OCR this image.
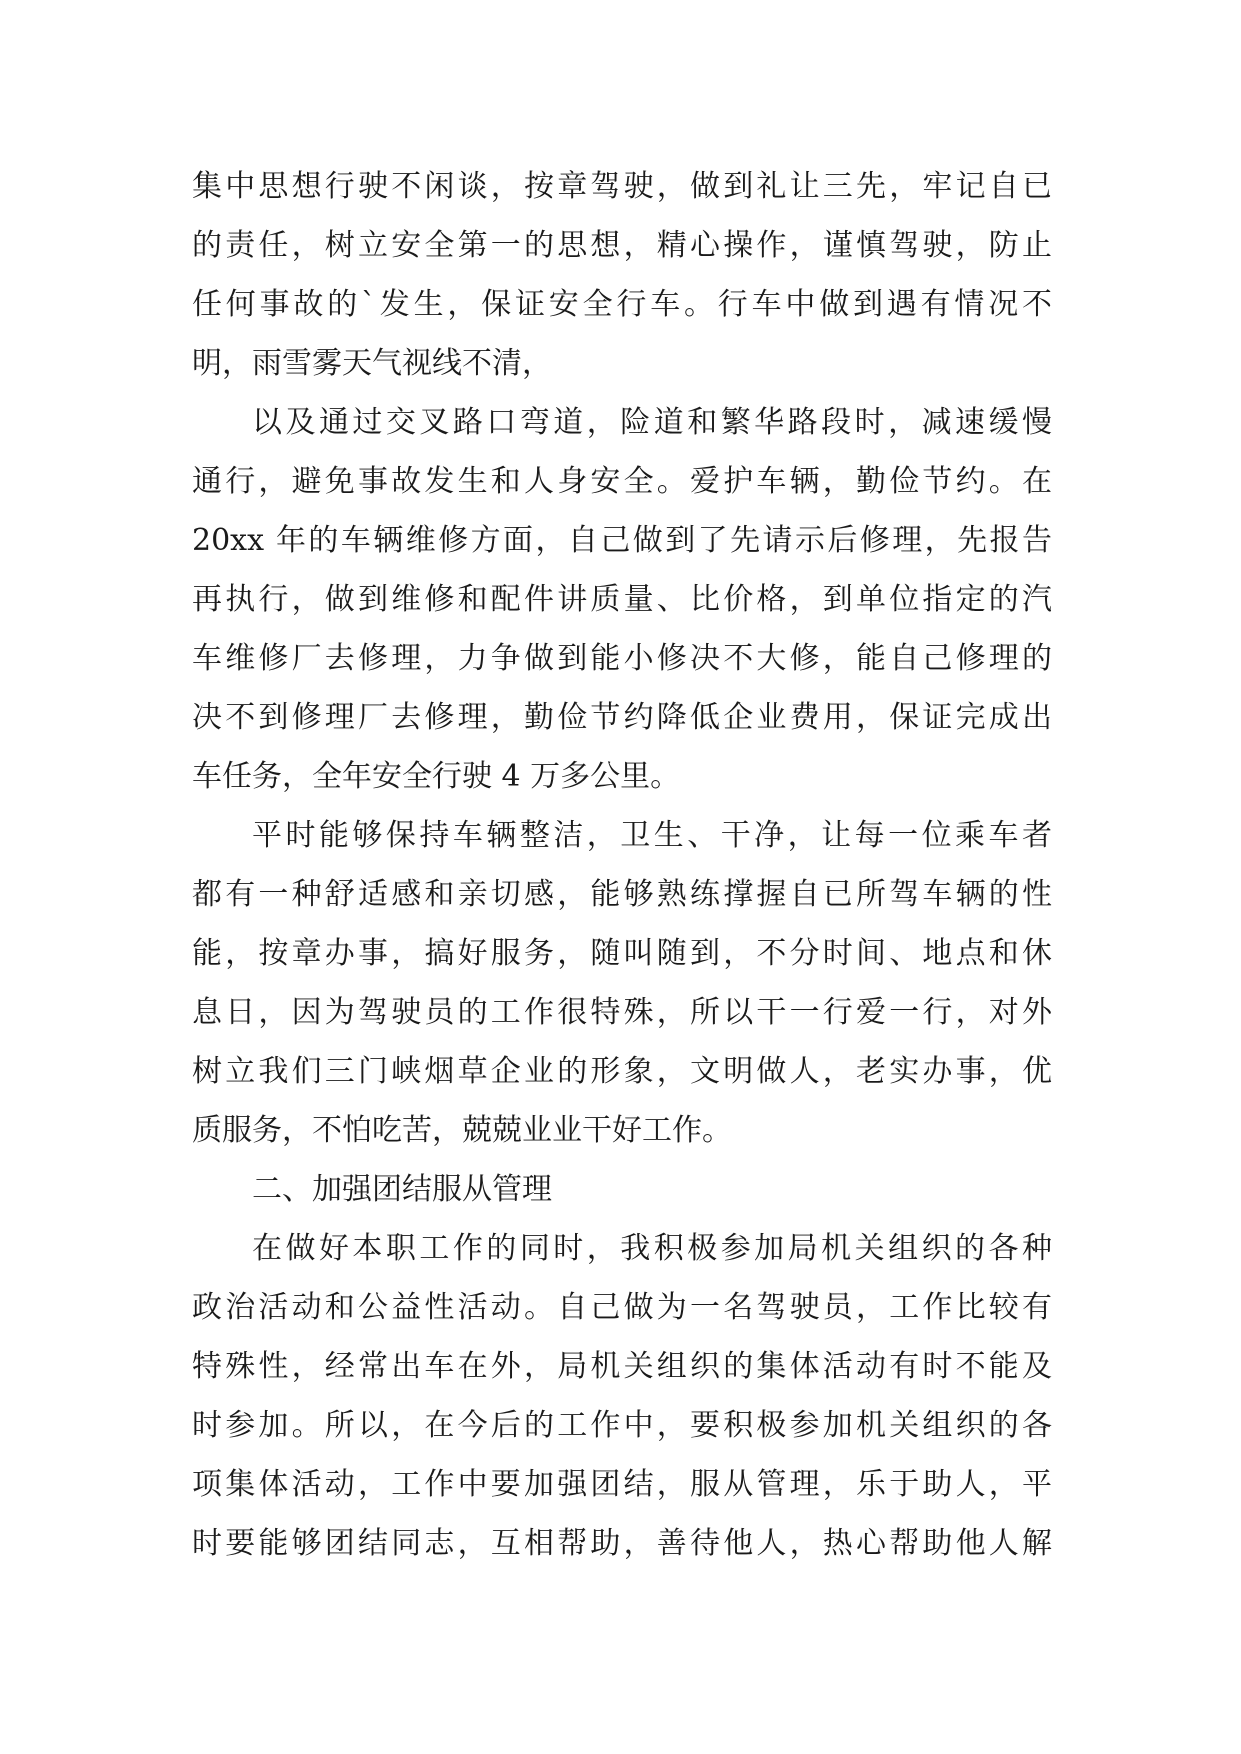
集中思想行驶不闲谈，按章驾驶，做到礼让三先，牢记自已
的责任，树立安全第一的思想，精心操作，谨慎驾驶，防止
任何事故的`发生，保证安全行车。行车中做到遇有情况不
明，雨雪雾天气视线不清，
以及通过交叉路口弯道，险道和繁华路段时，减速缓慢
通行，避免事故发生和人身安全。爱护车辆，勤俭节约。在
20xx 年的车辆维修方面，自己做到了先请示后修理，先报告
再执行，做到维修和配件讲质量、比价格，到单位指定的汽
车维修厂去修理，力争做到能小修决不大修，能自己修理的
决不到修理厂去修理，勤俭节约降低企业费用，保证完成出
车任务，全年安全行驶 4 万多公里。
平时能够保持车辆整洁，卫生、干净，让每一位乘车者
都有一种舒适感和亲切感，能够熟练撑握自已所驾车辆的性
能，按章办事，搞好服务，随叫随到，不分时间、地点和休
息日，因为驾驶员的工作很特殊，所以干一行爱一行，对外
树立我们三门峡烟草企业的形象，文明做人，老实办事，优
质服务，不怕吃苦，兢兢业业干好工作。
二、加强团结服从管理
在做好本职工作的同时，我积极参加局机关组织的各种
政治活动和公益性活动。自己做为一名驾驶员，工作比较有
特殊性，经常出车在外，局机关组织的集体活动有时不能及
时参加。所以，在今后的工作中，要积极参加机关组织的各
项集体活动，工作中要加强团结，服从管理，乐于助人，平
时要能够团结同志，互相帮助，善待他人，热心帮助他人解
